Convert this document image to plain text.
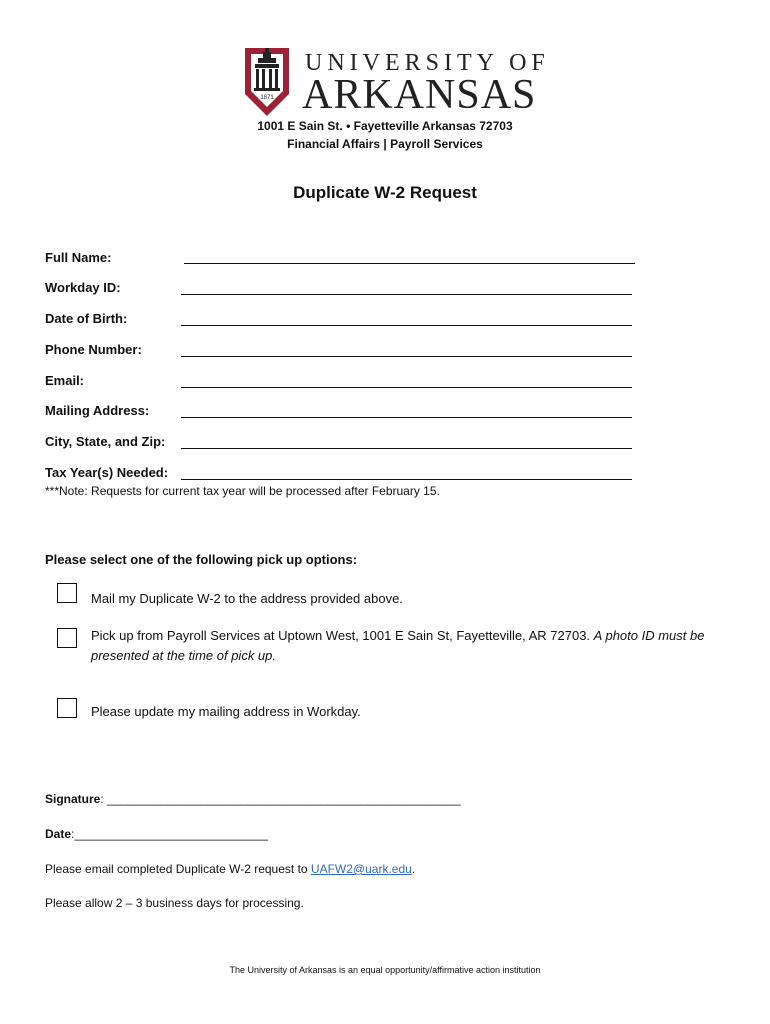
1871
UNIVERSITY OF
ARKANSAS
1001 E Sain St. • Fayetteville Arkansas 72703
Financial Affairs | Payroll Services
Duplicate W-2 Request
Full Name:
Workday ID:
Date of Birth:
Phone Number:
Email:
Mailing Address:
City, State, and Zip:
Tax Year(s) Needed:
***Note: Requests for current tax year will be processed after February 15.
Please select one of the following pick up options:
Mail my Duplicate W-2 to the address provided above.
Pick up from Payroll Services at Uptown West, 1001 E Sain St, Fayetteville, AR 72703. A photo ID must be presented at the time of pick up.
Please update my mailing address in Workday.
Signature: _____________________________________________________
Date:_____________________________
Please email completed Duplicate W-2 request to UAFW2@uark.edu.
Please allow 2 – 3 business days for processing.
The University of Arkansas is an equal opportunity/affirmative action institution
